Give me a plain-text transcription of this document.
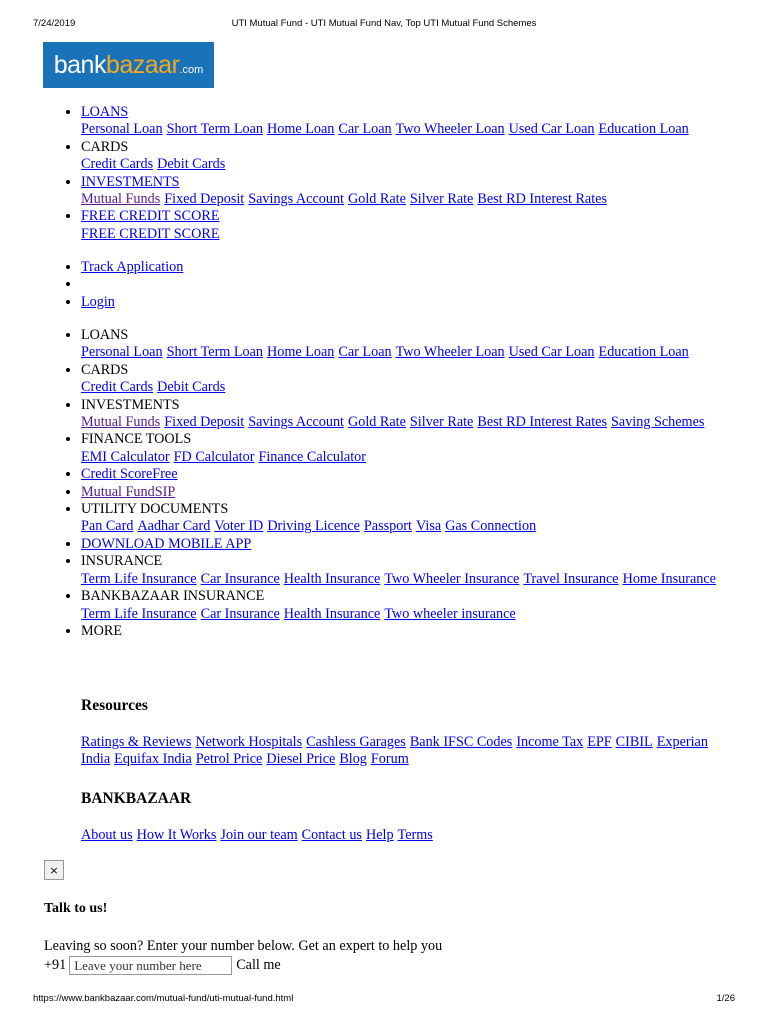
7/24/2019	UTI Mutual Fund - UTI Mutual Fund Nav, Top UTI Mutual Fund Schemes
bank bazaar .com
• LOANS
Personal Loan Short Term Loan Home Loan Car Loan Two Wheeler Loan Used Car Loan Education Loan
• CARDS
Credit Cards Debit Cards
• INVESTMENTS
Mutual Funds Fixed Deposit Savings Account Gold Rate Silver Rate Best RD Interest Rates
• FREE CREDIT SCORE
FREE CREDIT SCORE
• Track Application
•
• Login
• LOANS
Personal Loan Short Term Loan Home Loan Car Loan Two Wheeler Loan Used Car Loan Education Loan
• CARDS
Credit Cards Debit Cards
• INVESTMENTS
Mutual Funds Fixed Deposit Savings Account Gold Rate Silver Rate Best RD Interest Rates Saving Schemes
• FINANCE TOOLS
EMI Calculator FD Calculator Finance Calculator
• Credit ScoreFree
• Mutual FundSIP
• UTILITY DOCUMENTS
Pan Card Aadhar Card Voter ID Driving Licence Passport Visa Gas Connection
• DOWNLOAD MOBILE APP
• INSURANCE
Term Life Insurance Car Insurance Health Insurance Two Wheeler Insurance Travel Insurance Home Insurance
• BANKBAZAAR INSURANCE
Term Life Insurance Car Insurance Health Insurance Two wheeler insurance
• MORE
Resources
Ratings & Reviews Network Hospitals Cashless Garages Bank IFSC Codes Income Tax EPF CIBIL Experian India Equifax India Petrol Price Diesel Price Blog Forum
BANKBAZAAR
About us How It Works Join our team Contact us Help Terms
×
Talk to us!
Leaving so soon? Enter your number below. Get an expert to help you
+91
Leave your number here	Call me
https://www.bankbazaar.com/mutual-fund/uti-mutual-fund.html	1/26
